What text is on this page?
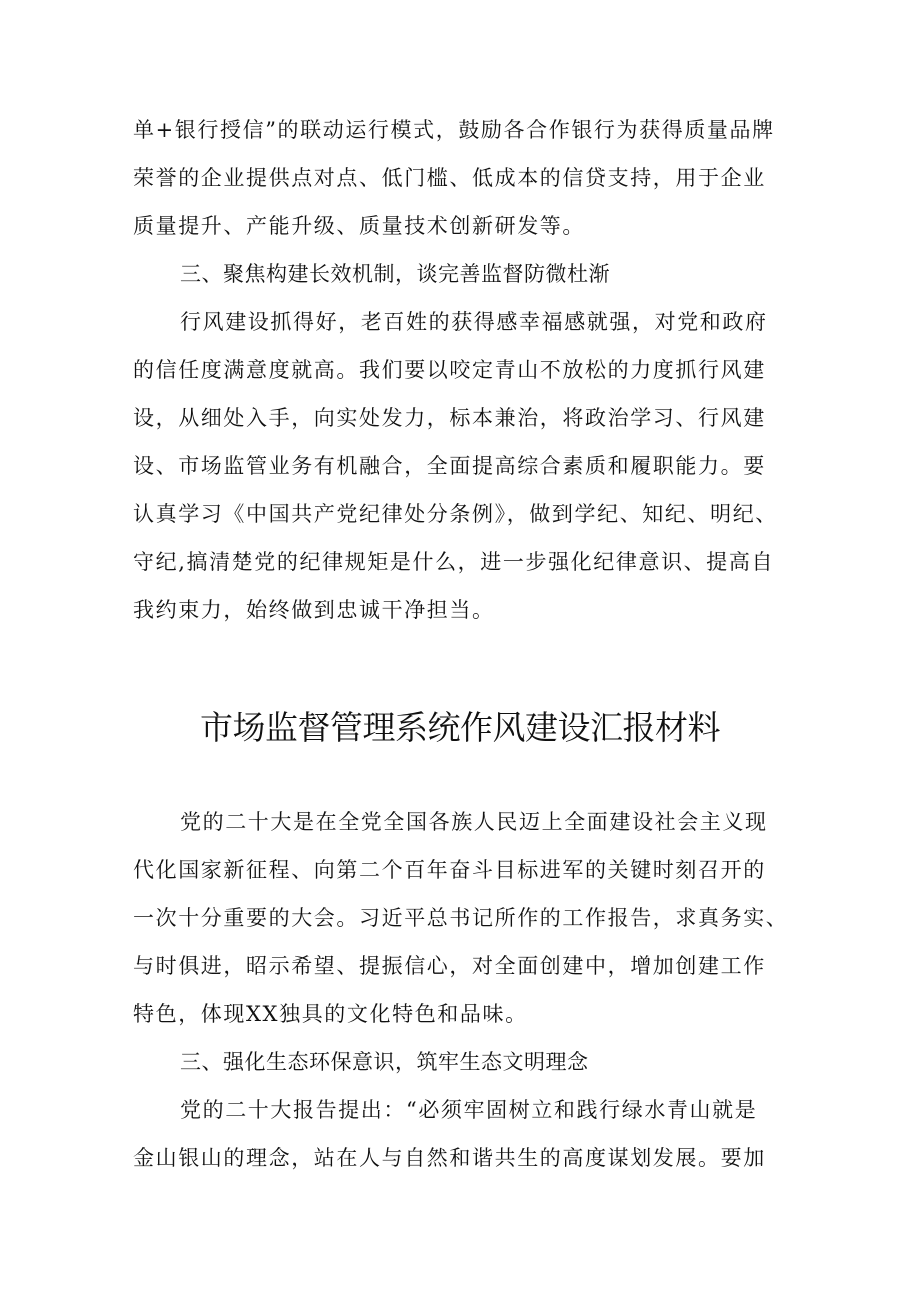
单+银行授信”的联动运行模式，鼓励各合作银行为获得质量品牌
荣誉的企业提供点对点、低门槛、低成本的信贷支持，用于企业
质量提升、产能升级、质量技术创新研发等。
三、聚焦构建长效机制，谈完善监督防微杜渐
行风建设抓得好，老百姓的获得感幸福感就强，对党和政府
的信任度满意度就高。我们要以咬定青山不放松的力度抓行风建
设，从细处入手，向实处发力，标本兼治，将政治学习、行风建
设、市场监管业务有机融合，全面提高综合素质和履职能力。要
认真学习《中国共产党纪律处分条例》，做到学纪、知纪、明纪、
守纪,搞清楚党的纪律规矩是什么，进一步强化纪律意识、提高自
我约束力，始终做到忠诚干净担当。
市场监督管理系统作风建设汇报材料
党的二十大是在全党全国各族人民迈上全面建设社会主义现
代化国家新征程、向第二个百年奋斗目标进军的关键时刻召开的
一次十分重要的大会。习近平总书记所作的工作报告，求真务实、
与时俱进，昭示希望、提振信心，对全面创建中，增加创建工作
特色，体现XX独具的文化特色和品味。
三、强化生态环保意识，筑牢生态文明理念
党的二十大报告提出：“必须牢固树立和践行绿水青山就是
金山银山的理念，站在人与自然和谐共生的高度谋划发展。要加
